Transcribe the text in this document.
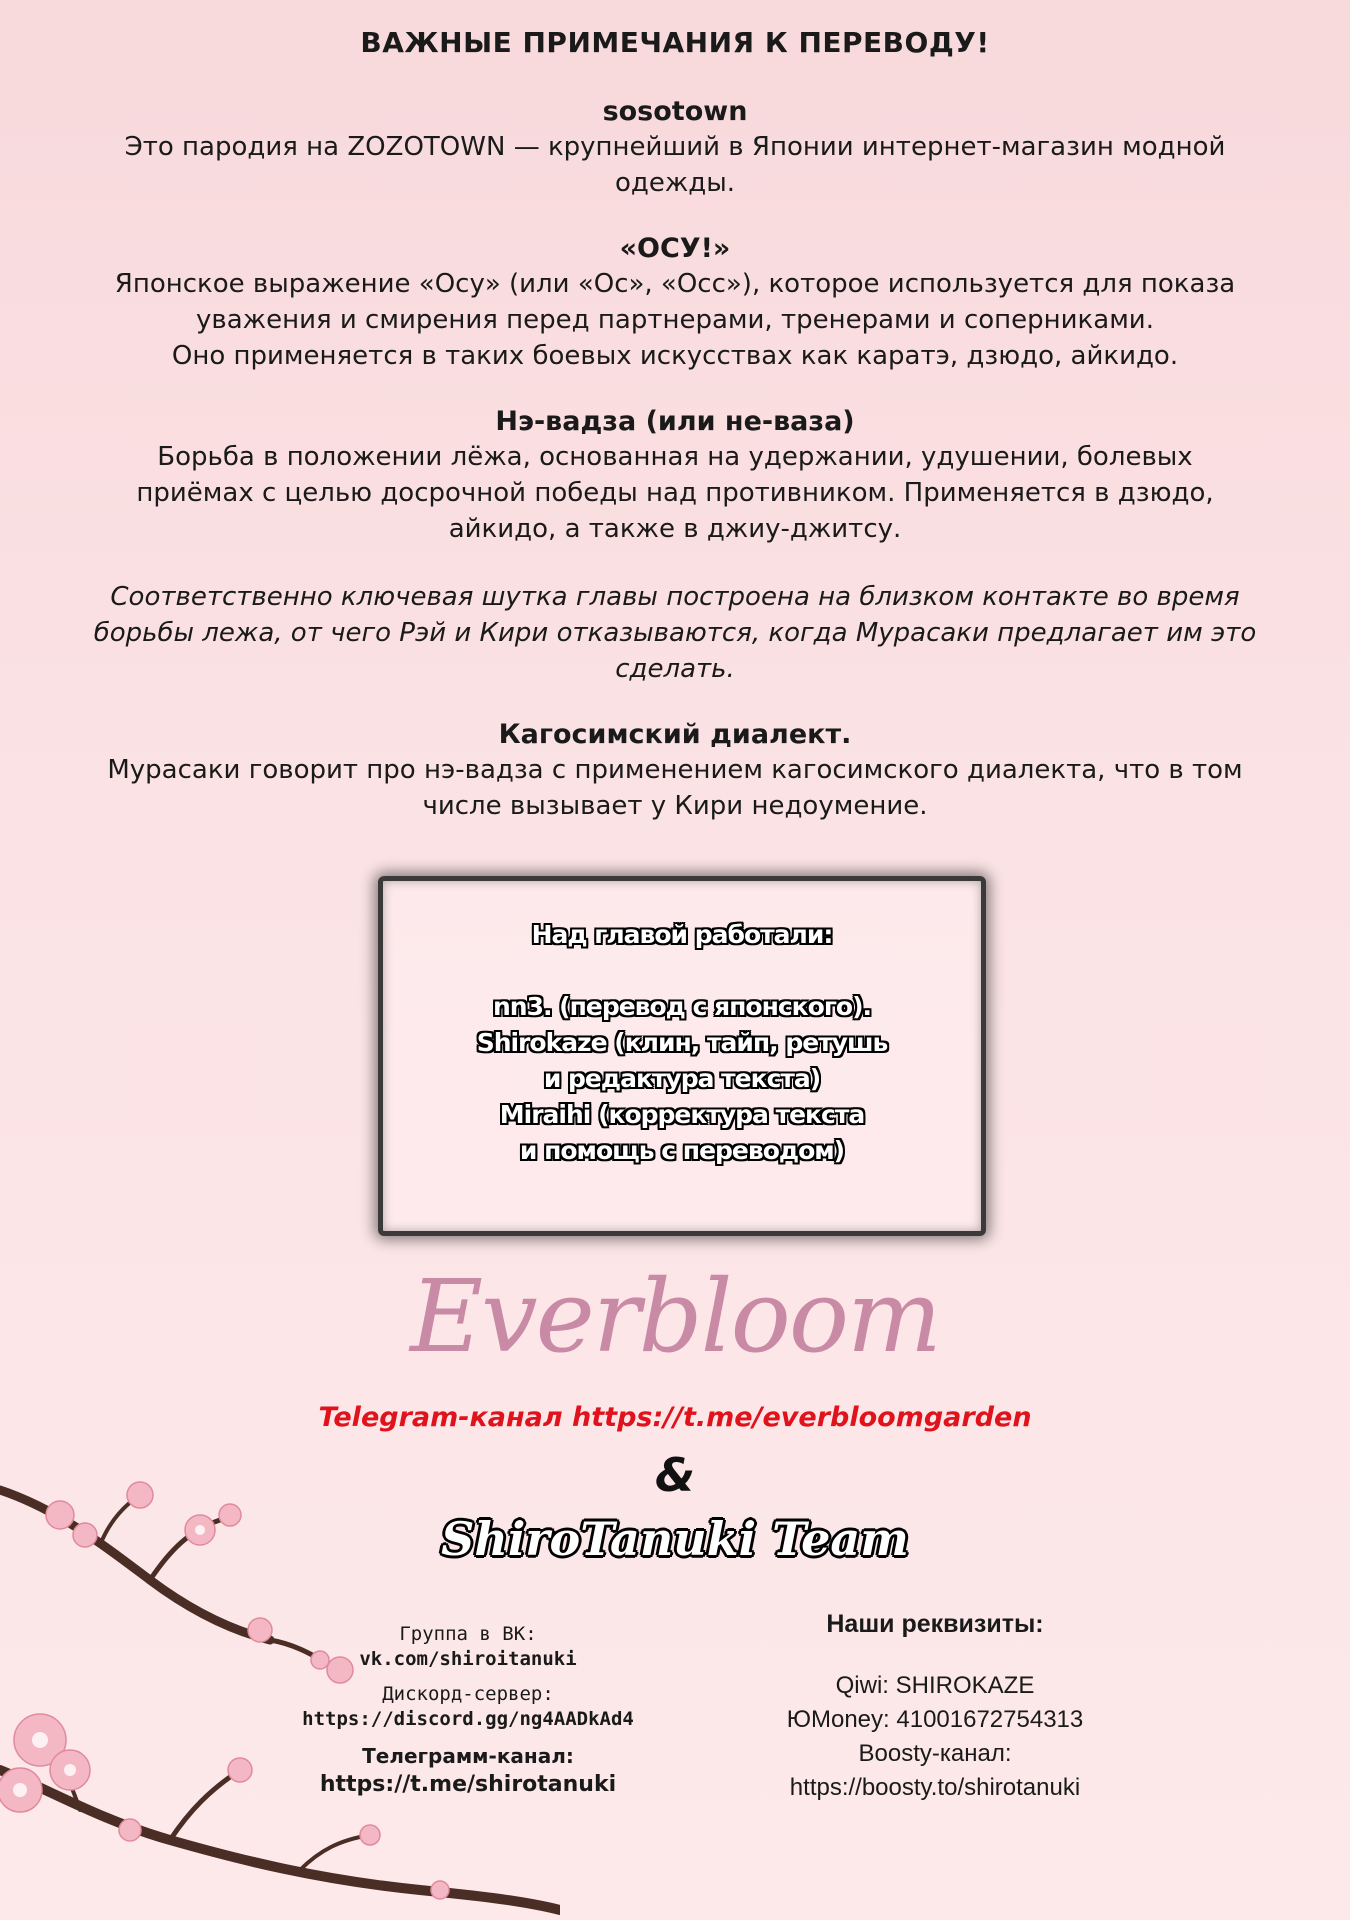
ВАЖНЫЕ ПРИМЕЧАНИЯ К ПЕРЕВОДУ!
sosotown
Это пародия на ZOZOTOWN — крупнейший в Японии интернет-магазин модной
одежды.
«ОСУ!»
Японское выражение «Осу» (или «Ос», «Осс»), которое используется для показа
уважения и смирения перед партнерами, тренерами и соперниками.
Оно применяется в таких боевых искусствах как каратэ, дзюдо, айкидо.
Нэ-вадза (или не-ваза)
Борьба в положении лёжа, основанная на удержании, удушении, болевых
приёмах с целью досрочной победы над противником. Применяется в дзюдо,
айкидо, а также в джиу-джитсу.
Соответственно ключевая шутка главы построена на близком контакте во время
борьбы лежа, от чего Рэй и Кири отказываются, когда Мурасаки предлагает им это
сделать.
Кагосимский диалект.
Мурасаки говорит про нэ-вадза с применением кагосимского диалекта, что в том
числе вызывает у Кири недоумение.
Над главой работали:
nn3. (перевод с японского).
Shirokaze (клин, тайп, ретушь
и редактура текста)
Miraihi (корректура текста
и помощь с переводом)
Everbloom
Telegram-канал https://t.me/everbloomgarden
&
ShiroTanuki Team
Группа в ВК:
vk.com/shiroitanuki
Дискорд-сервер:
https://discord.gg/ng4AADkAd4
Телеграмм-канал:
https://t.me/shirotanuki
Наши реквизиты:
Qiwi: SHIROKAZE
ЮMoney: 41001672754313
Boosty-канал:
https://boosty.to/shirotanuki
